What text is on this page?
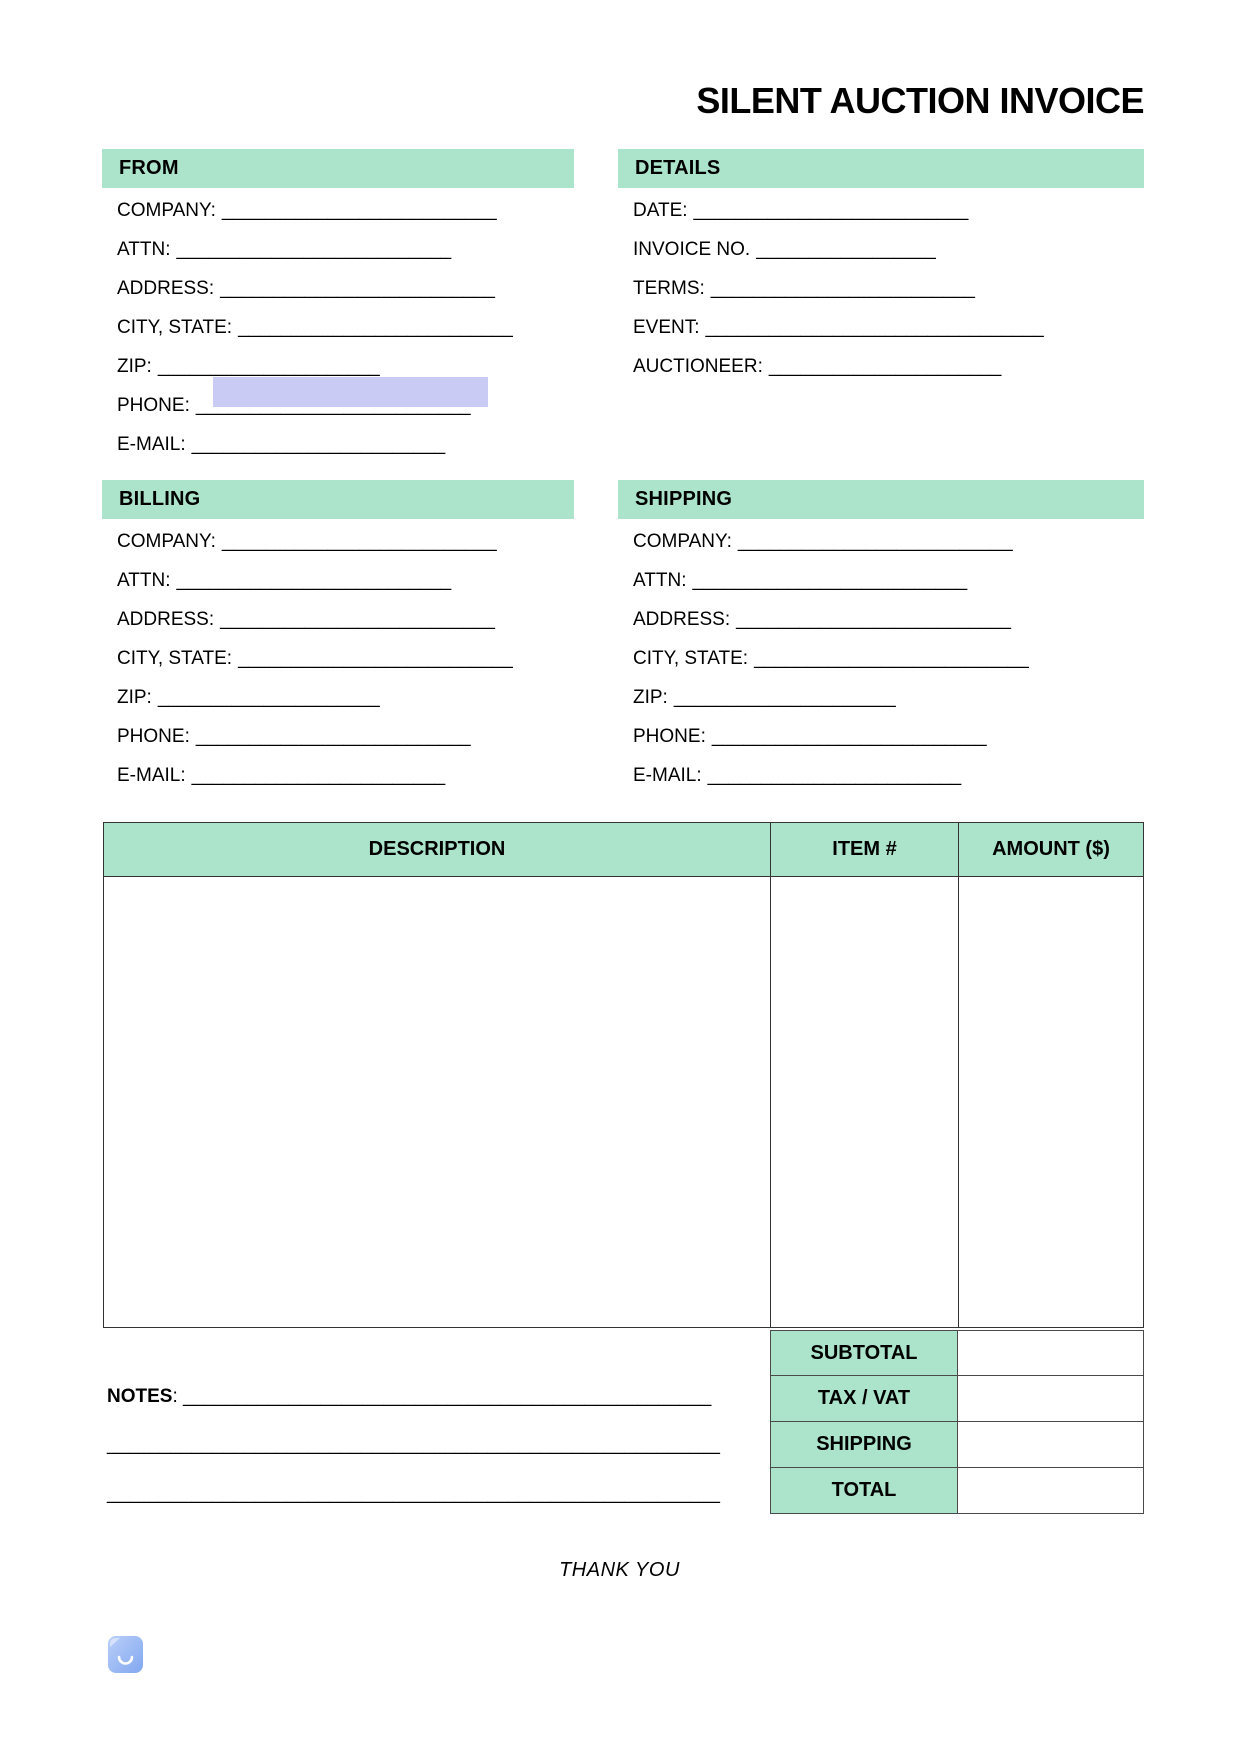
SILENT AUCTION INVOICE
FROM
COMPANY: __________________________
ATTN: __________________________
ADDRESS: __________________________
CITY, STATE: __________________________
ZIP: _____________________
PHONE: __________________________
E-MAIL: ________________________
DETAILS
DATE: __________________________
INVOICE NO. _________________
TERMS: _________________________
EVENT: ________________________________
AUCTIONEER: ______________________
BILLING
COMPANY: __________________________
ATTN: __________________________
ADDRESS: __________________________
CITY, STATE: __________________________
ZIP: _____________________
PHONE: __________________________
E-MAIL: ________________________
SHIPPING
COMPANY: __________________________
ATTN: __________________________
ADDRESS: __________________________
CITY, STATE: __________________________
ZIP: _____________________
PHONE: __________________________
E-MAIL: ________________________
DESCRIPTION	ITEM #	AMOUNT ($)
SUBTOTAL
TAX / VAT
SHIPPING
TOTAL
NOTES: __________________________________________________
__________________________________________________________
__________________________________________________________
THANK YOU
